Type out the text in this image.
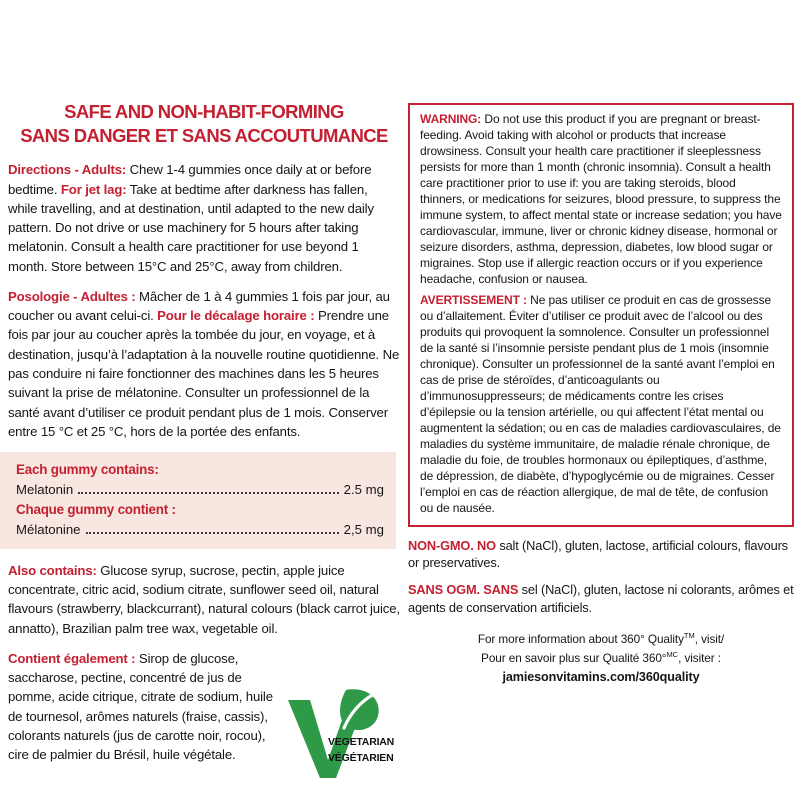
SAFE AND NON-HABIT-FORMING
SANS DANGER ET SANS ACCOUTUMANCE

Directions - Adults: Chew 1-4 gummies once daily at or before bedtime. For jet lag: Take at bedtime after darkness has fallen, while travelling, and at destination, until adapted to the new daily pattern. Do not drive or use machinery for 5 hours after taking melatonin. Consult a health care practitioner for use beyond 1 month. Store between 15°C and 25°C, away from children.

Posologie - Adultes : Mâcher de 1 à 4 gummies 1 fois par jour, au coucher ou avant celui-ci. Pour le décalage horaire : Prendre une fois par jour au coucher après la tombée du jour, en voyage, et à destination, jusqu’à l’adaptation à la nouvelle routine quotidienne. Ne pas conduire ni faire fonctionner des machines dans les 5 heures suivant la prise de mélatonine. Consulter un professionnel de la santé avant d’utiliser ce produit pendant plus de 1 mois. Conserver entre 15 °C et 25 °C, hors de la portée des enfants.

Each gummy contains:
Melatonin	2.5 mg
Chaque gummy contient :
Mélatonine	2,5 mg

Also contains: Glucose syrup, sucrose, pectin, apple juice concentrate, citric acid, sodium citrate, sunflower seed oil, natural flavours (strawberry, blackcurrant), natural colours (black carrot juice, annatto), Brazilian palm tree wax, vegetable oil.

Contient également : Sirop de glucose, saccharose, pectine, concentré de jus de pomme, acide citrique, citrate de sodium, huile de tournesol, arômes naturels (fraise, cassis), colorants naturels (jus de carotte noir, rocou), cire de palmier du Brésil, huile végétale.

VEGETARIAN
VÉGÉTARIEN

WARNING: Do not use this product if you are pregnant or breast-feeding. Avoid taking with alcohol or products that increase drowsiness. Consult your health care practitioner if sleeplessness persists for more than 1 month (chronic insomnia). Consult a health care practitioner prior to use if: you are taking steroids, blood thinners, or medications for seizures, blood pressure, to suppress the immune system, to affect mental state or increase sedation; you have cardiovascular, immune, liver or chronic kidney disease, hormonal or seizure disorders, asthma, depression, diabetes, low blood sugar or migraines. Stop use if allergic reaction occurs or if you experience headache, confusion or nausea.

AVERTISSEMENT : Ne pas utiliser ce produit en cas de grossesse ou d’allaitement. Éviter d’utiliser ce produit avec de l’alcool ou des produits qui provoquent la somnolence. Consulter un professionnel de la santé si l’insomnie persiste pendant plus de 1 mois (insomnie chronique). Consulter un professionnel de la santé avant l’emploi en cas de prise de stéroïdes, d’anticoagulants ou d’immunosuppresseurs; de médicaments contre les crises d’épilepsie ou la tension artérielle, ou qui affectent l’état mental ou augmentent la sédation; ou en cas de maladies cardiovasculaires, de maladies du système immunitaire, de maladie rénale chronique, de maladie du foie, de troubles hormonaux ou épileptiques, d’asthme, de dépression, de diabète, d’hypoglycémie ou de migraines. Cesser l’emploi en cas de réaction allergique, de mal de tête, de confusion ou de nausée.

NON-GMO. NO salt (NaCl), gluten, lactose, artificial colours, flavours or preservatives.

SANS OGM. SANS sel (NaCl), gluten, lactose ni colorants, arômes et agents de conservation artificiels.

For more information about 360° Quality™, visit/
Pour en savoir plus sur Qualité 360°$^{MC}$, visiter :
jamiesonvitamins.com/360quality
